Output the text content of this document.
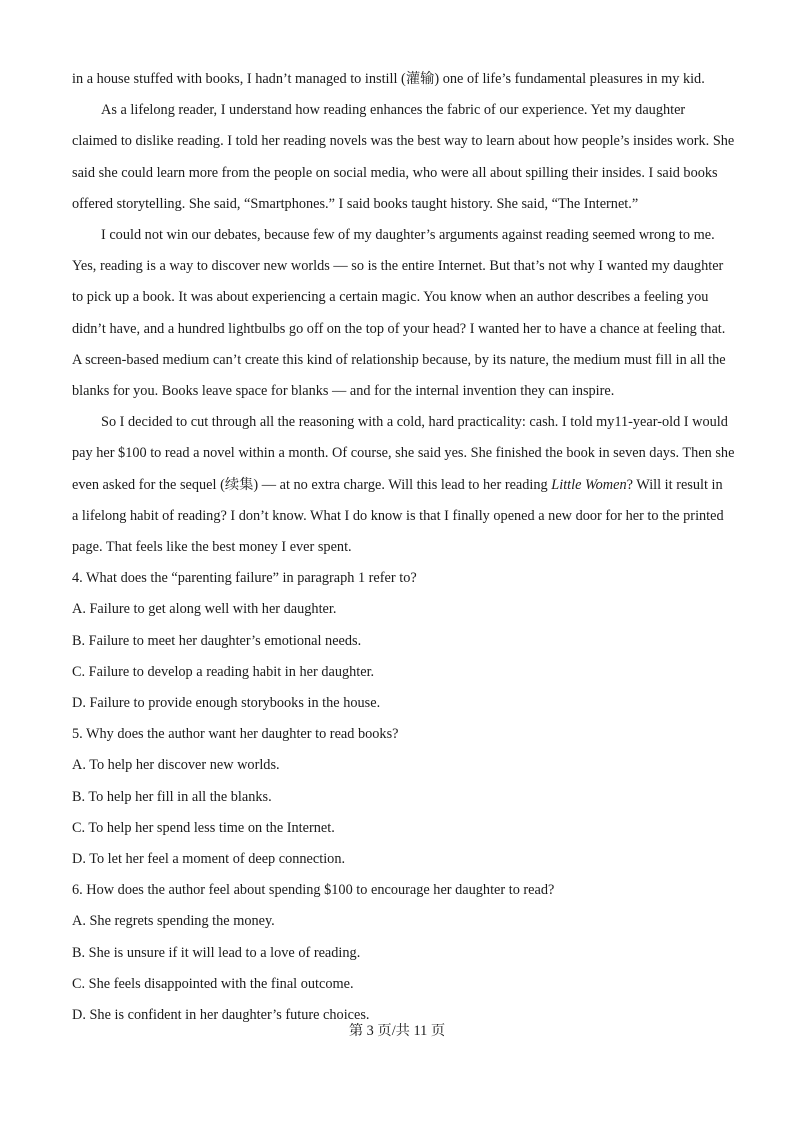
in a house stuffed with books, I hadn’t managed to instill (灌输) one of life’s fundamental pleasures in my kid.

As a lifelong reader, I understand how reading enhances the fabric of our experience. Yet my daughter

claimed to dislike reading. I told her reading novels was the best way to learn about how people’s insides work. She

said she could learn more from the people on social media, who were all about spilling their insides. I said books

offered storytelling. She said, “Smartphones.” I said books taught history. She said, “The Internet.”

I could not win our debates, because few of my daughter’s arguments against reading seemed wrong to me.

Yes, reading is a way to discover new worlds — so is the entire Internet. But that’s not why I wanted my daughter

to pick up a book. It was about experiencing a certain magic. You know when an author describes a feeling you

didn’t have, and a hundred lightbulbs go off on the top of your head? I wanted her to have a chance at feeling that.

A screen-based medium can’t create this kind of relationship because, by its nature, the medium must fill in all the

blanks for you. Books leave space for blanks — and for the internal invention they can inspire.

So I decided to cut through all the reasoning with a cold, hard practicality: cash. I told my11-year-old I would

pay her $100 to read a novel within a month. Of course, she said yes. She finished the book in seven days. Then she

even asked for the sequel (续集) — at no extra charge. Will this lead to her reading Little Women? Will it result in

a lifelong habit of reading? I don’t know. What I do know is that I finally opened a new door for her to the printed

page. That feels like the best money I ever spent.

4. What does the “parenting failure” in paragraph 1 refer to?

A. Failure to get along well with her daughter.

B. Failure to meet her daughter’s emotional needs.

C. Failure to develop a reading habit in her daughter.

D. Failure to provide enough storybooks in the house.

5. Why does the author want her daughter to read books?

A. To help her discover new worlds.

B. To help her fill in all the blanks.

C. To help her spend less time on the Internet.

D. To let her feel a moment of deep connection.

6. How does the author feel about spending $100 to encourage her daughter to read?

A. She regrets spending the money.

B. She is unsure if it will lead to a love of reading.

C. She feels disappointed with the final outcome.

D. She is confident in her daughter’s future choices.

第 3 页/共 11 页
